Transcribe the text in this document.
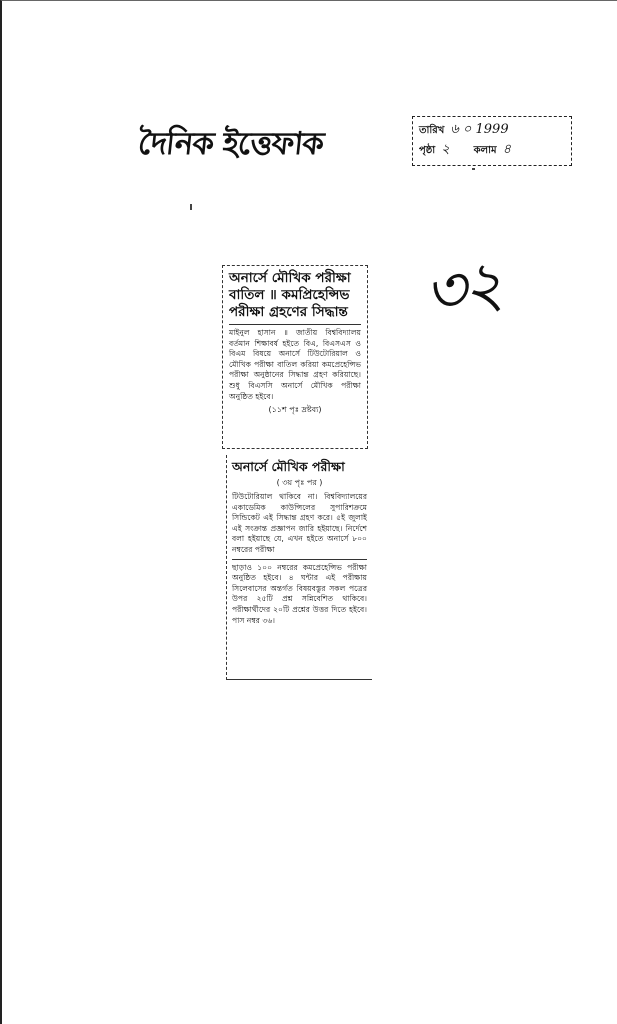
দৈনিক ইত্তেফাক	তারিখ ৬ ০ 1999
পৃষ্ঠা ২ কলাম ৪
৩২

অনার্সে মৌখিক পরীক্ষা

বাতিল ॥ কমপ্রিহেন্সিভ

পরীক্ষা গ্রহণের সিদ্ধান্ত

মাইনুল হাসান ॥ জাতীয় বিশ্ববিদ্যালয় বর্তমান শিক্ষাবর্ষ হইতে বিএ, বিএসএস ও বিএম বিষয়ে অনার্সে টিউটোরিয়াল ও মৌখিক পরীক্ষা বাতিল করিয়া কমপ্রেহেন্সিভ পরীক্ষা অনুষ্ঠানের সিদ্ধান্ত গ্রহণ করিয়াছে। শুধু বিএসসি অনার্সে মৌখিক পরীক্ষা অনুষ্ঠিত হইবে।

(১১শ পৃঃ দ্রষ্টব্য)

অনার্সে মৌখিক পরীক্ষা

( ৩য় পৃঃ পর )

টিউটোরিয়াল থাকিবে না। বিশ্ববিদ্যালয়ের একাডেমিক কাউন্সিলের সুপারিশক্রমে সিন্ডিকেট এই সিদ্ধান্ত গ্রহণ করে। ৫ই জুলাই এই সংক্রান্ত প্রজ্ঞাপন জারি হইয়াছে। নির্দেশে বলা হইয়াছে যে, এখন হইতে অনার্সে ৮০০ নম্বরের পরীক্ষা

ছাড়াও ১০০ নম্বরের কমপ্রেহেন্সিভ পরীক্ষা অনুষ্ঠিত হইবে। ৪ ঘন্টার এই পরীক্ষায় সিলেবাসের অন্তর্গত বিষয়বস্তুর সকল পত্রের উপর ২৫টি প্রশ্ন সন্নিবেশিত থাকিবে। পরীক্ষার্থীদের ২০টি প্রশ্নের উত্তর দিতে হইবে। পাস নম্বর ৩৬।
